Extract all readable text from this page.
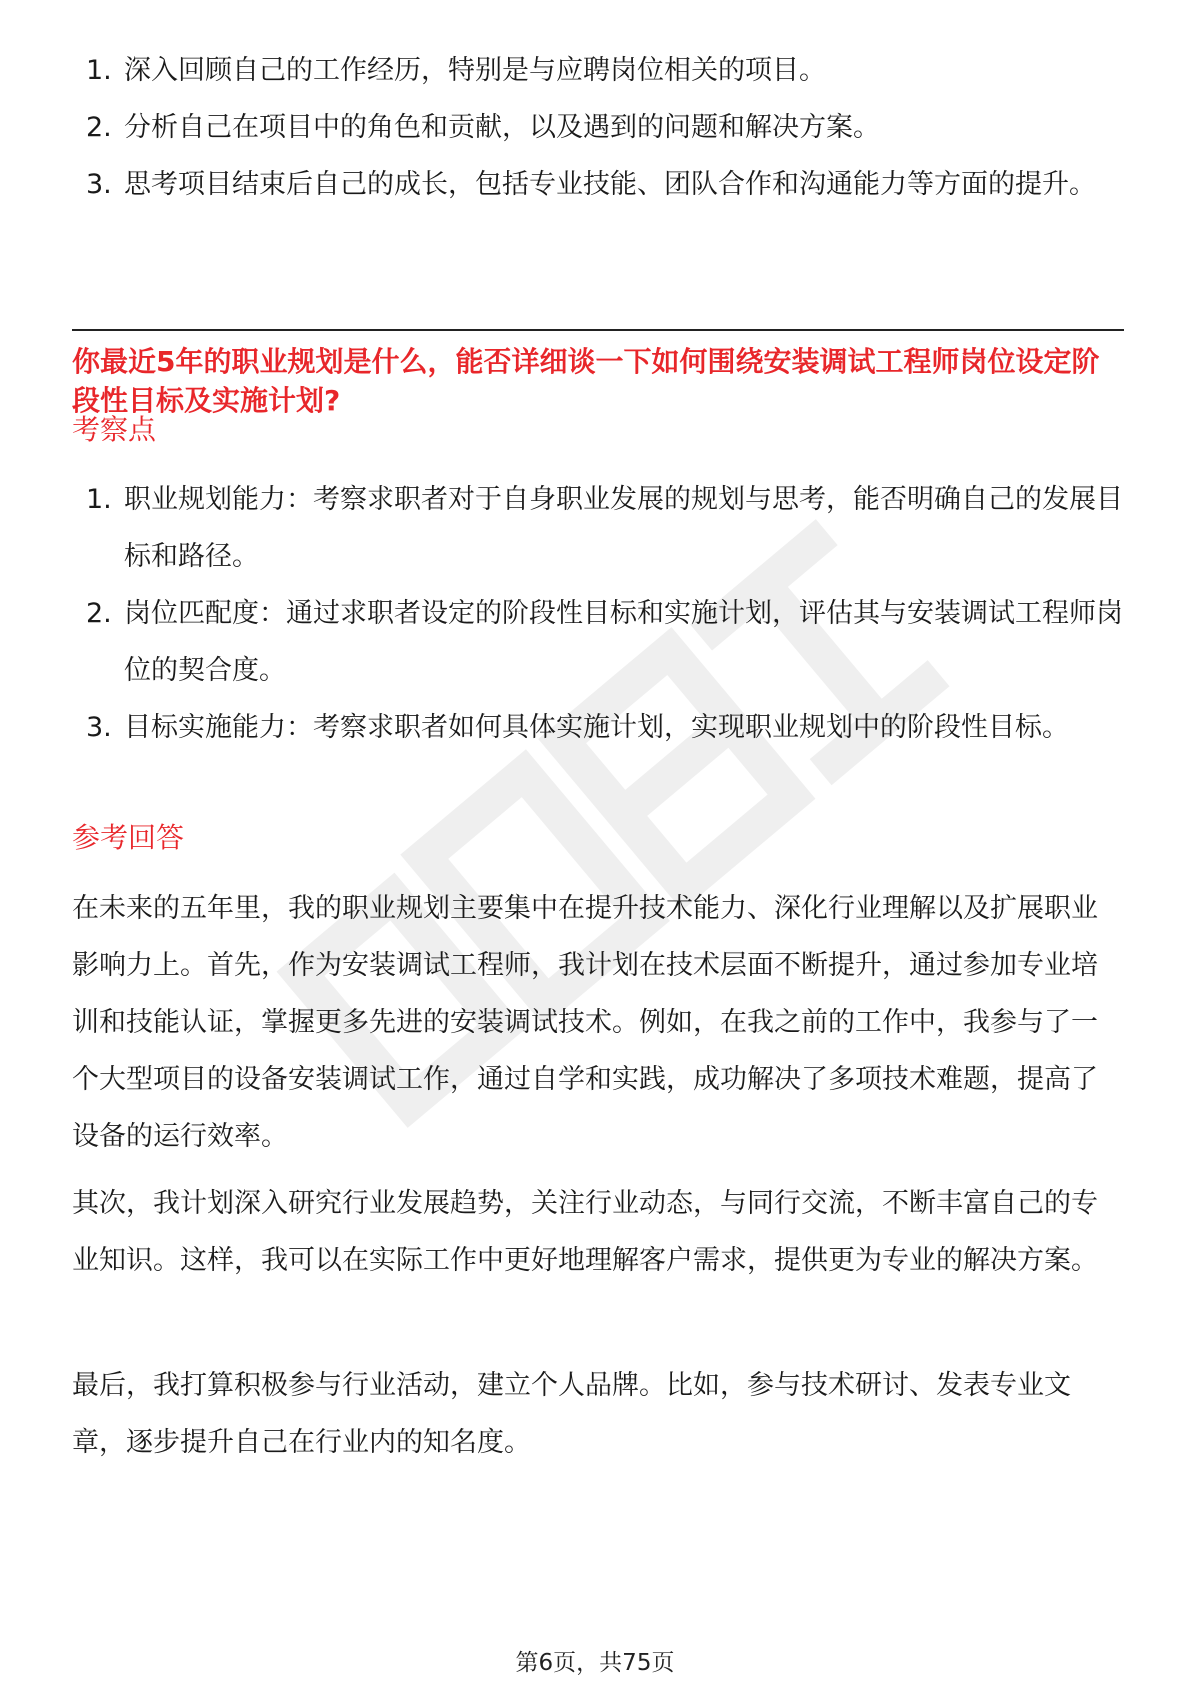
1. 深入回顾自己的工作经历，特别是与应聘岗位相关的项目。
2. 分析自己在项目中的角色和贡献，以及遇到的问题和解决方案。
3. 思考项目结束后自己的成长，包括专业技能、团队合作和沟通能力等方面的提升。
你最近5年的职业规划是什么，能否详细谈一下如何围绕安装调试工程师岗位设定阶段性目标及实施计划?
考察点
1. 职业规划能力：考察求职者对于自身职业发展的规划与思考，能否明确自己的发展目标和路径。
2. 岗位匹配度：通过求职者设定的阶段性目标和实施计划，评估其与安装调试工程师岗位的契合度。
3. 目标实施能力：考察求职者如何具体实施计划，实现职业规划中的阶段性目标。
参考回答

在未来的五年里，我的职业规划主要集中在提升技术能力、深化行业理解以及扩展职业影响力上。首先，作为安装调试工程师，我计划在技术层面不断提升，通过参加专业培训和技能认证，掌握更多先进的安装调试技术。例如，在我之前的工作中，我参与了一个大型项目的设备安装调试工作，通过自学和实践，成功解决了多项技术难题，提高了设备的运行效率。

其次，我计划深入研究行业发展趋势，关注行业动态，与同行交流，不断丰富自己的专业知识。这样，我可以在实际工作中更好地理解客户需求，提供更为专业的解决方案。

最后，我打算积极参与行业活动，建立个人品牌。比如，参与技术研讨、发表专业文章，逐步提升自己在行业内的知名度。

第6页，共75页
